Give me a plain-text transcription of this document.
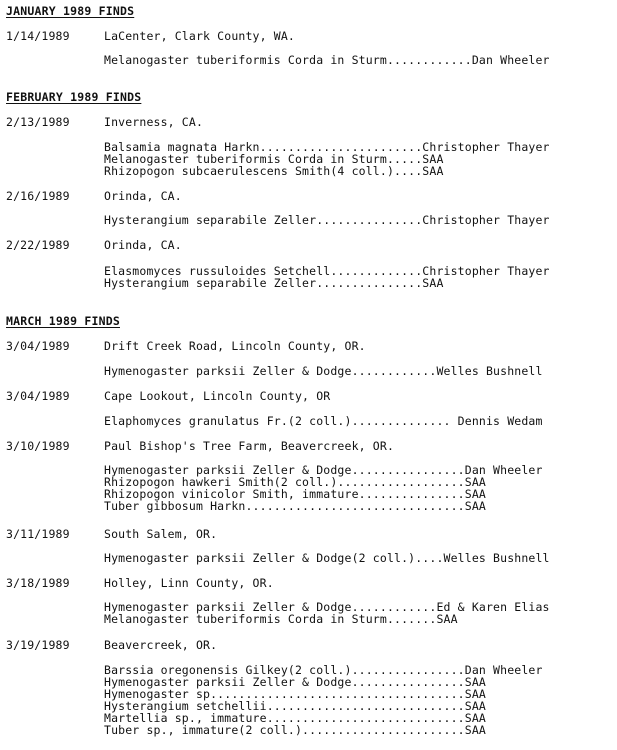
JANUARY 1989 FINDS
1/14/1989	LaCenter, Clark County, WA.
Melanogaster tuberiformis Corda in Sturm............Dan Wheeler
FEBRUARY 1989 FINDS
2/13/1989	Inverness, CA.
Balsamia magnata Harkn.......................Christopher Thayer
Melanogaster tuberiformis Corda in Sturm.....SAA
Rhizopogon subcaerulescens Smith(4 coll.)....SAA
2/16/1989	Orinda, CA.
Hysterangium separabile Zeller...............Christopher Thayer
2/22/1989	Orinda, CA.
Elasmomyces russuloides Setchell.............Christopher Thayer
Hysterangium separabile Zeller...............SAA
MARCH 1989 FINDS
3/04/1989	Drift Creek Road, Lincoln County, OR.
Hymenogaster parksii Zeller & Dodge............Welles Bushnell
3/04/1989	Cape Lookout, Lincoln County, OR
Elaphomyces granulatus Fr.(2 coll.).............. Dennis Wedam
3/10/1989	Paul Bishop's Tree Farm, Beavercreek, OR.
Hymenogaster parksii Zeller & Dodge................Dan Wheeler
Rhizopogon hawkeri Smith(2 coll.)..................SAA
Rhizopogon vinicolor Smith, immature...............SAA
Tuber gibbosum Harkn...............................SAA
3/11/1989	South Salem, OR.
Hymenogaster parksii Zeller & Dodge(2 coll.)....Welles Bushnell
3/18/1989	Holley, Linn County, OR.
Hymenogaster parksii Zeller & Dodge............Ed & Karen Elias
Melanogaster tuberiformis Corda in Sturm.......SAA
3/19/1989	Beavercreek, OR.
Barssia oregonensis Gilkey(2 coll.)................Dan Wheeler
Hymenogaster parksii Zeller & Dodge................SAA
Hymenogaster sp....................................SAA
Hysterangium setchellii............................SAA
Martellia sp., immature............................SAA
Tuber sp., immature(2 coll.).......................SAA
